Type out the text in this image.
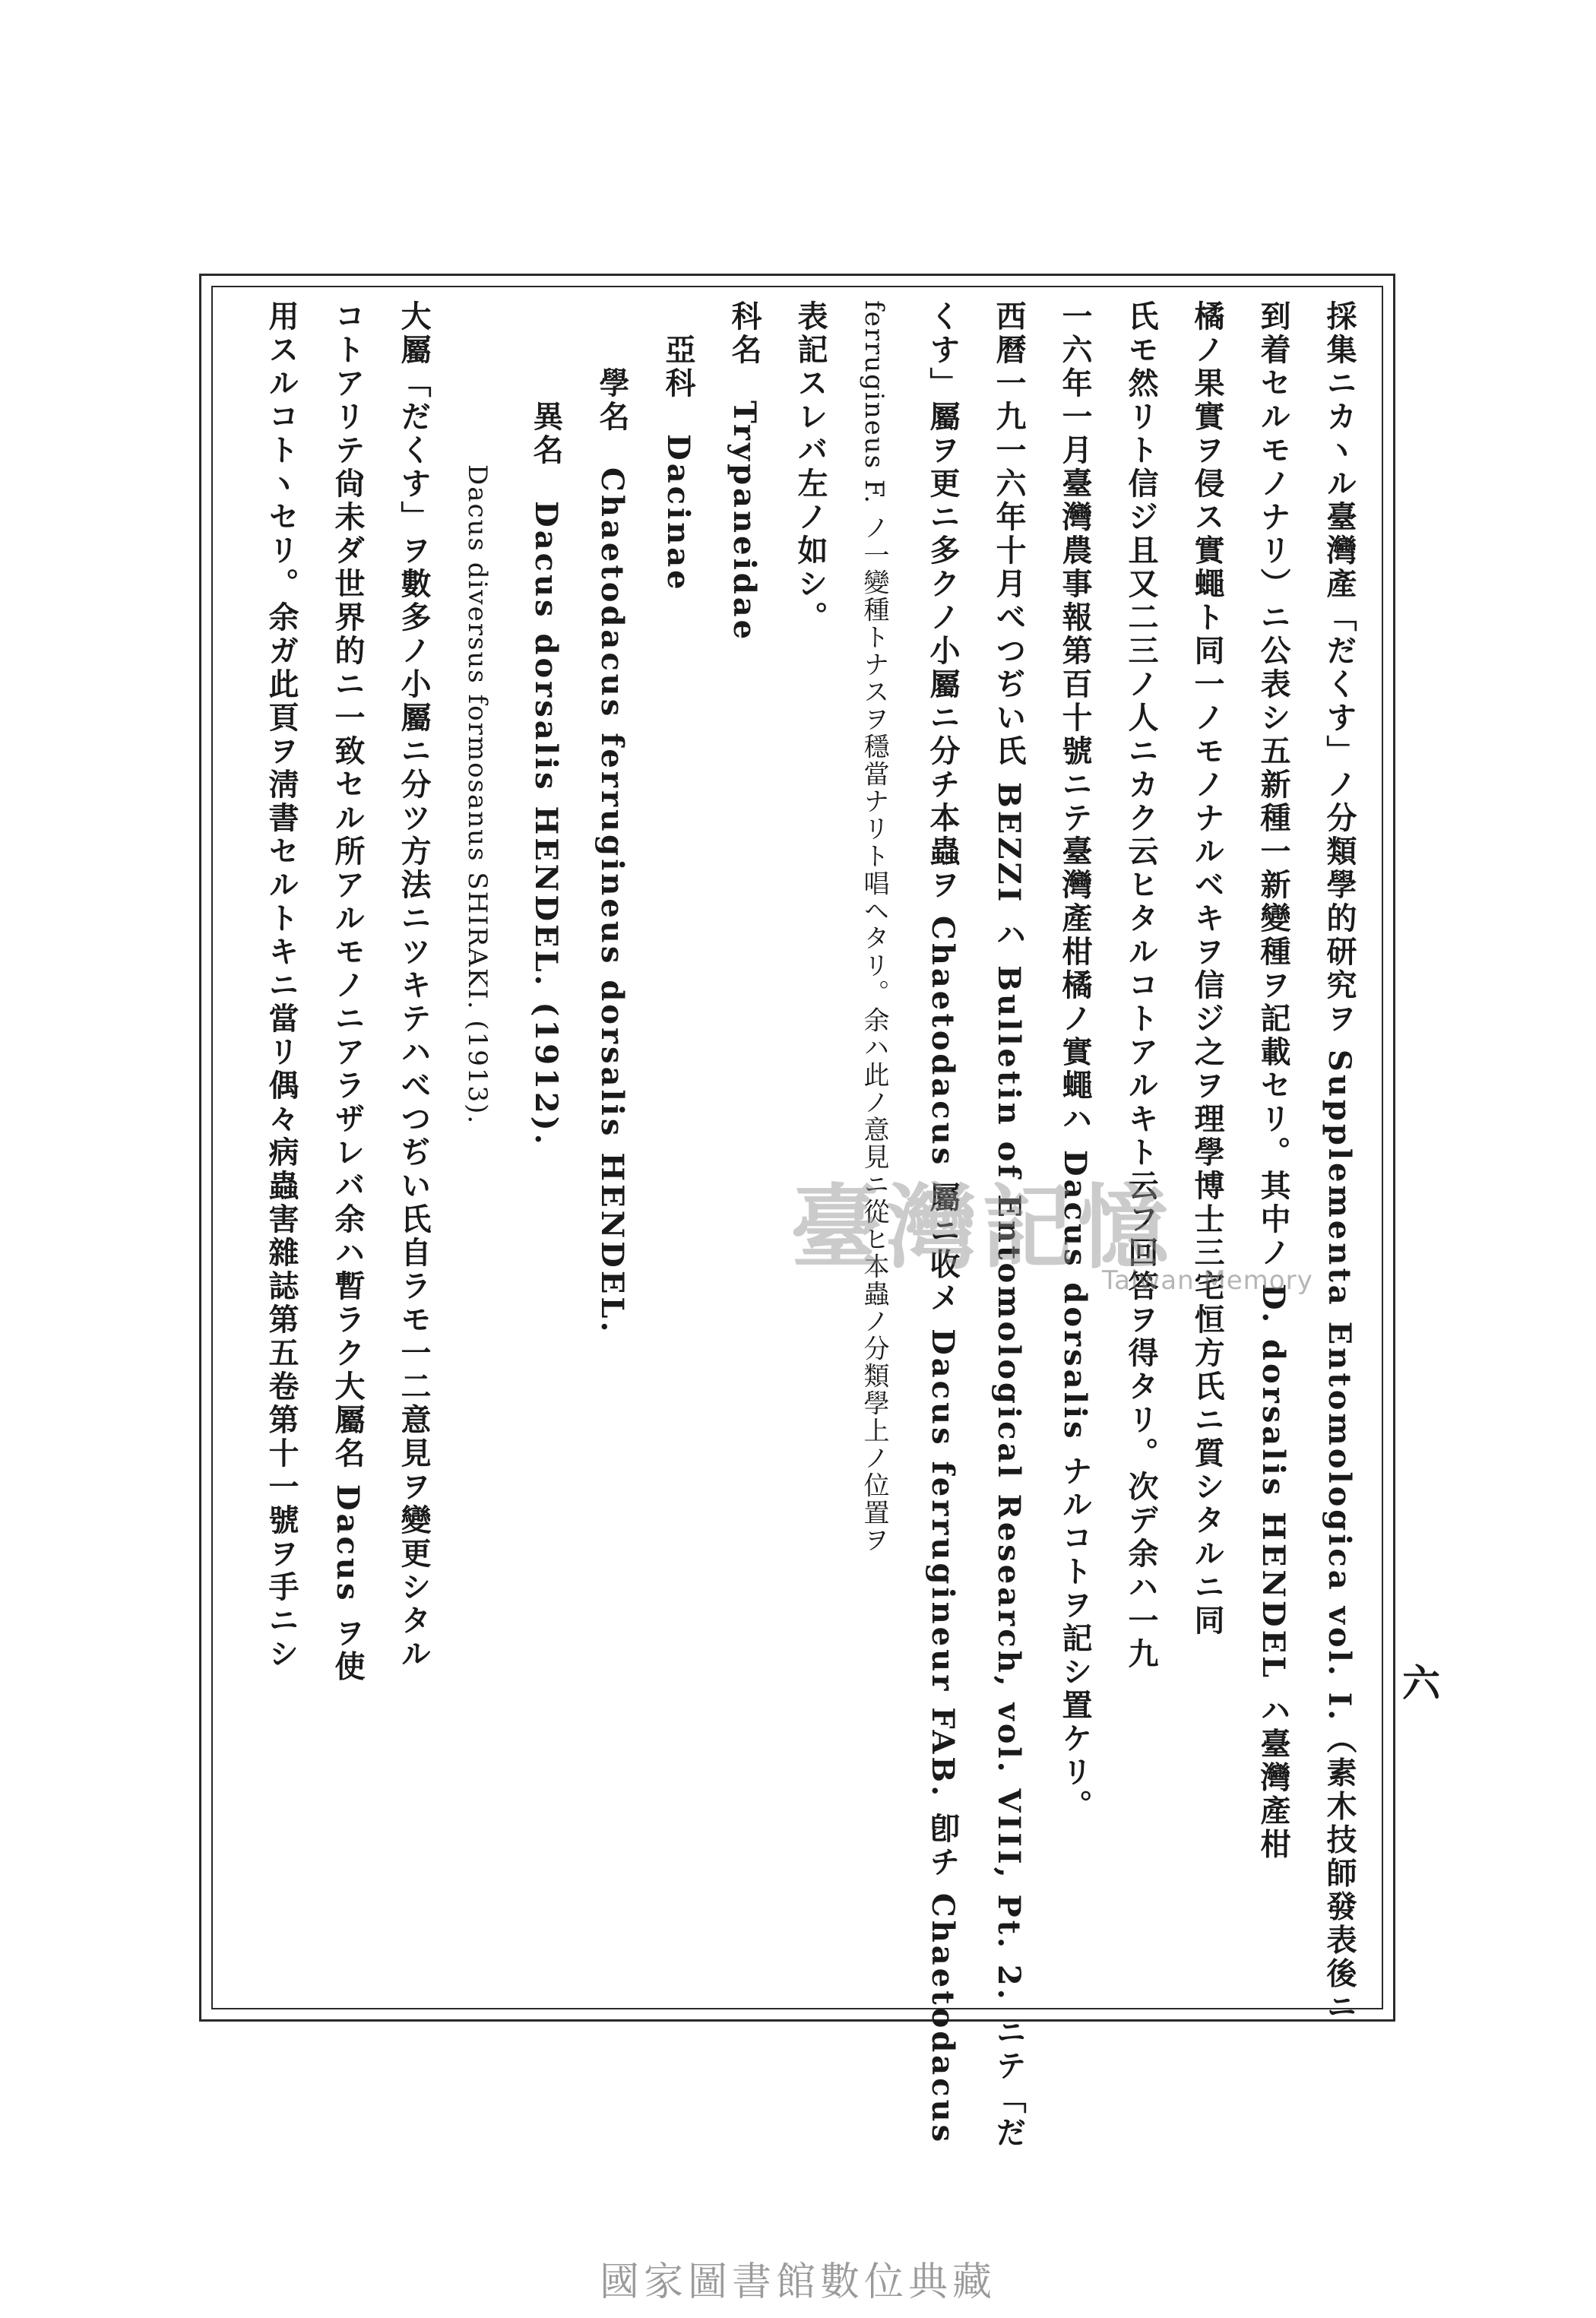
採集ニカヽル臺灣產「だくす」ノ分類學的研究ヲ Supplementa Entomologica vol. I.（素木技師發表後ニ
到着セルモノナリ）ニ公表シ五新種一新變種ヲ記載セリ。其中ノ D. dorsalis HENDEL ハ臺灣產柑
橘ノ果實ヲ侵ス實蠅ト同一ノモノナルベキヲ信ジ之ヲ理學博士三宅恒方氏ニ質シタルニ同
氏モ然リト信ジ且又二三ノ人ニカク云ヒタルコトアルキト云フ回答ヲ得タリ。次デ余ハ一九
一六年一月臺灣農事報第百十號ニテ臺灣產柑橘ノ實蠅ハ Dacus dorsalis ナルコトヲ記シ置ケリ。
西曆一九一六年十月べつぢい氏 BEZZI ハ Bulletin of Entomological Research, vol. VIII, Pt. 2. ニテ「だ
くす」屬ヲ更ニ多クノ小屬ニ分チ本蟲ヲ Chaetodacus 屬ニ收メ Dacus ferrugineur FAB. 卽チ Chaetodacus
ferrugineus F. ノ一變種トナスヲ穩當ナリト唱ヘタリ。余ハ此ノ意見ニ從ヒ本蟲ノ分類學上ノ位置ヲ
表記スレバ左ノ如シ。
科名　Trypaneidae
　亞科　Dacinae
　　學名　Chaetodacus ferrugineus dorsalis HENDEL.
　　　異名　Dacus dorsalis HENDEL. (1912).
　　　　　　Dacus diversus formosanus SHIRAKI. (1913).
大屬「だくす」ヲ數多ノ小屬ニ分ツ方法ニツキテハべつぢい氏自ラモ一二意見ヲ變更シタル
コトアリテ尙未ダ世界的ニ一致セル所アルモノニアラザレバ余ハ暫ラク大屬名 Dacus ヲ使
用スルコトヽセリ。余ガ此頁ヲ淸書セルトキニ當リ偶々病蟲害雜誌第五卷第十一號ヲ手ニシ
六
臺灣記憶
Taiwan Memory
國家圖書館數位典藏
